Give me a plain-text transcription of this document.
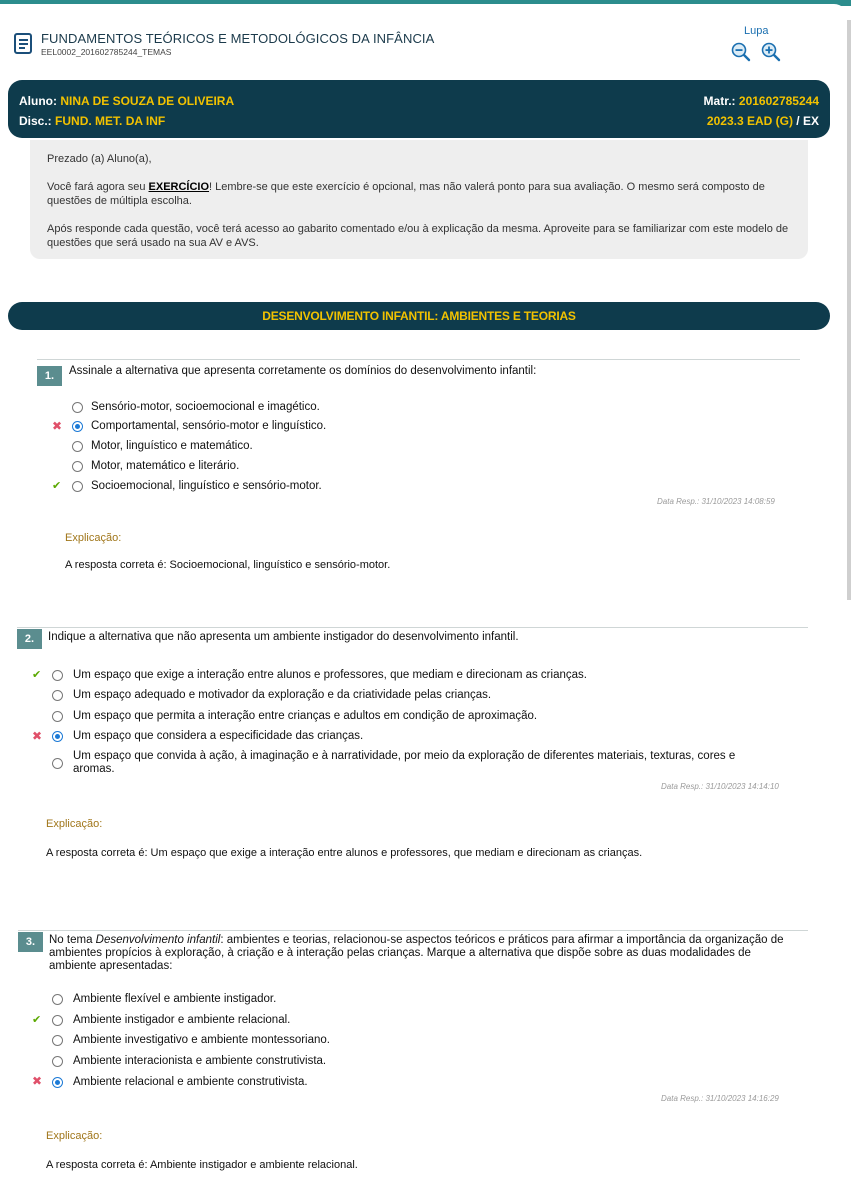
FUNDAMENTOS TEÓRICOS E METODOLÓGICOS DA INFÂNCIA
EEL0002_201602785244_TEMAS
Lupa
Aluno: NINA DE SOUZA DE OLIVEIRA
Disc.: FUND. MET. DA INF
Matr.: 201602785244
2023.3 EAD (G) / EX

Prezado (a) Aluno(a),

Você fará agora seu EXERCÍCIO! Lembre-se que este exercício é opcional, mas não valerá ponto para sua avaliação. O mesmo será composto de questões de múltipla escolha.

Após responde cada questão, você terá acesso ao gabarito comentado e/ou à explicação da mesma. Aproveite para se familiarizar com este modelo de questões que será usado na sua AV e AVS.

DESENVOLVIMENTO INFANTIL: AMBIENTES E TEORIAS
1.	Assinale a alternativa que apresenta corretamente os domínios do desenvolvimento infantil:
Sensório-motor, socioemocional e imagético.
✖	Comportamental, sensório-motor e linguístico.
Motor, linguístico e matemático.
Motor, matemático e literário.
✔	Socioemocional, linguístico e sensório-motor.
Data Resp.: 31/10/2023 14:08:59
Explicação:
A resposta correta é: Socioemocional, linguístico e sensório-motor.
2.	Indique a alternativa que não apresenta um ambiente instigador do desenvolvimento infantil.
✔	Um espaço que exige a interação entre alunos e professores, que mediam e direcionam as crianças.
Um espaço adequado e motivador da exploração e da criatividade pelas crianças.
Um espaço que permita a interação entre crianças e adultos em condição de aproximação.
✖	Um espaço que considera a especificidade das crianças.
Um espaço que convida à ação, à imaginação e à narratividade, por meio da exploração de diferentes materiais, texturas, cores e aromas.
Data Resp.: 31/10/2023 14:14:10
Explicação:
A resposta correta é: Um espaço que exige a interação entre alunos e professores, que mediam e direcionam as crianças.
3.	No tema Desenvolvimento infantil: ambientes e teorias, relacionou-se aspectos teóricos e práticos para afirmar a importância da organização de ambientes propícios à exploração, à criação e à interação pelas crianças. Marque a alternativa que dispõe sobre as duas modalidades de ambiente apresentadas:
Ambiente flexível e ambiente instigador.
✔	Ambiente instigador e ambiente relacional.
Ambiente investigativo e ambiente montessoriano.
Ambiente interacionista e ambiente construtivista.
✖	Ambiente relacional e ambiente construtivista.
Data Resp.: 31/10/2023 14:16:29
Explicação:
A resposta correta é: Ambiente instigador e ambiente relacional.
